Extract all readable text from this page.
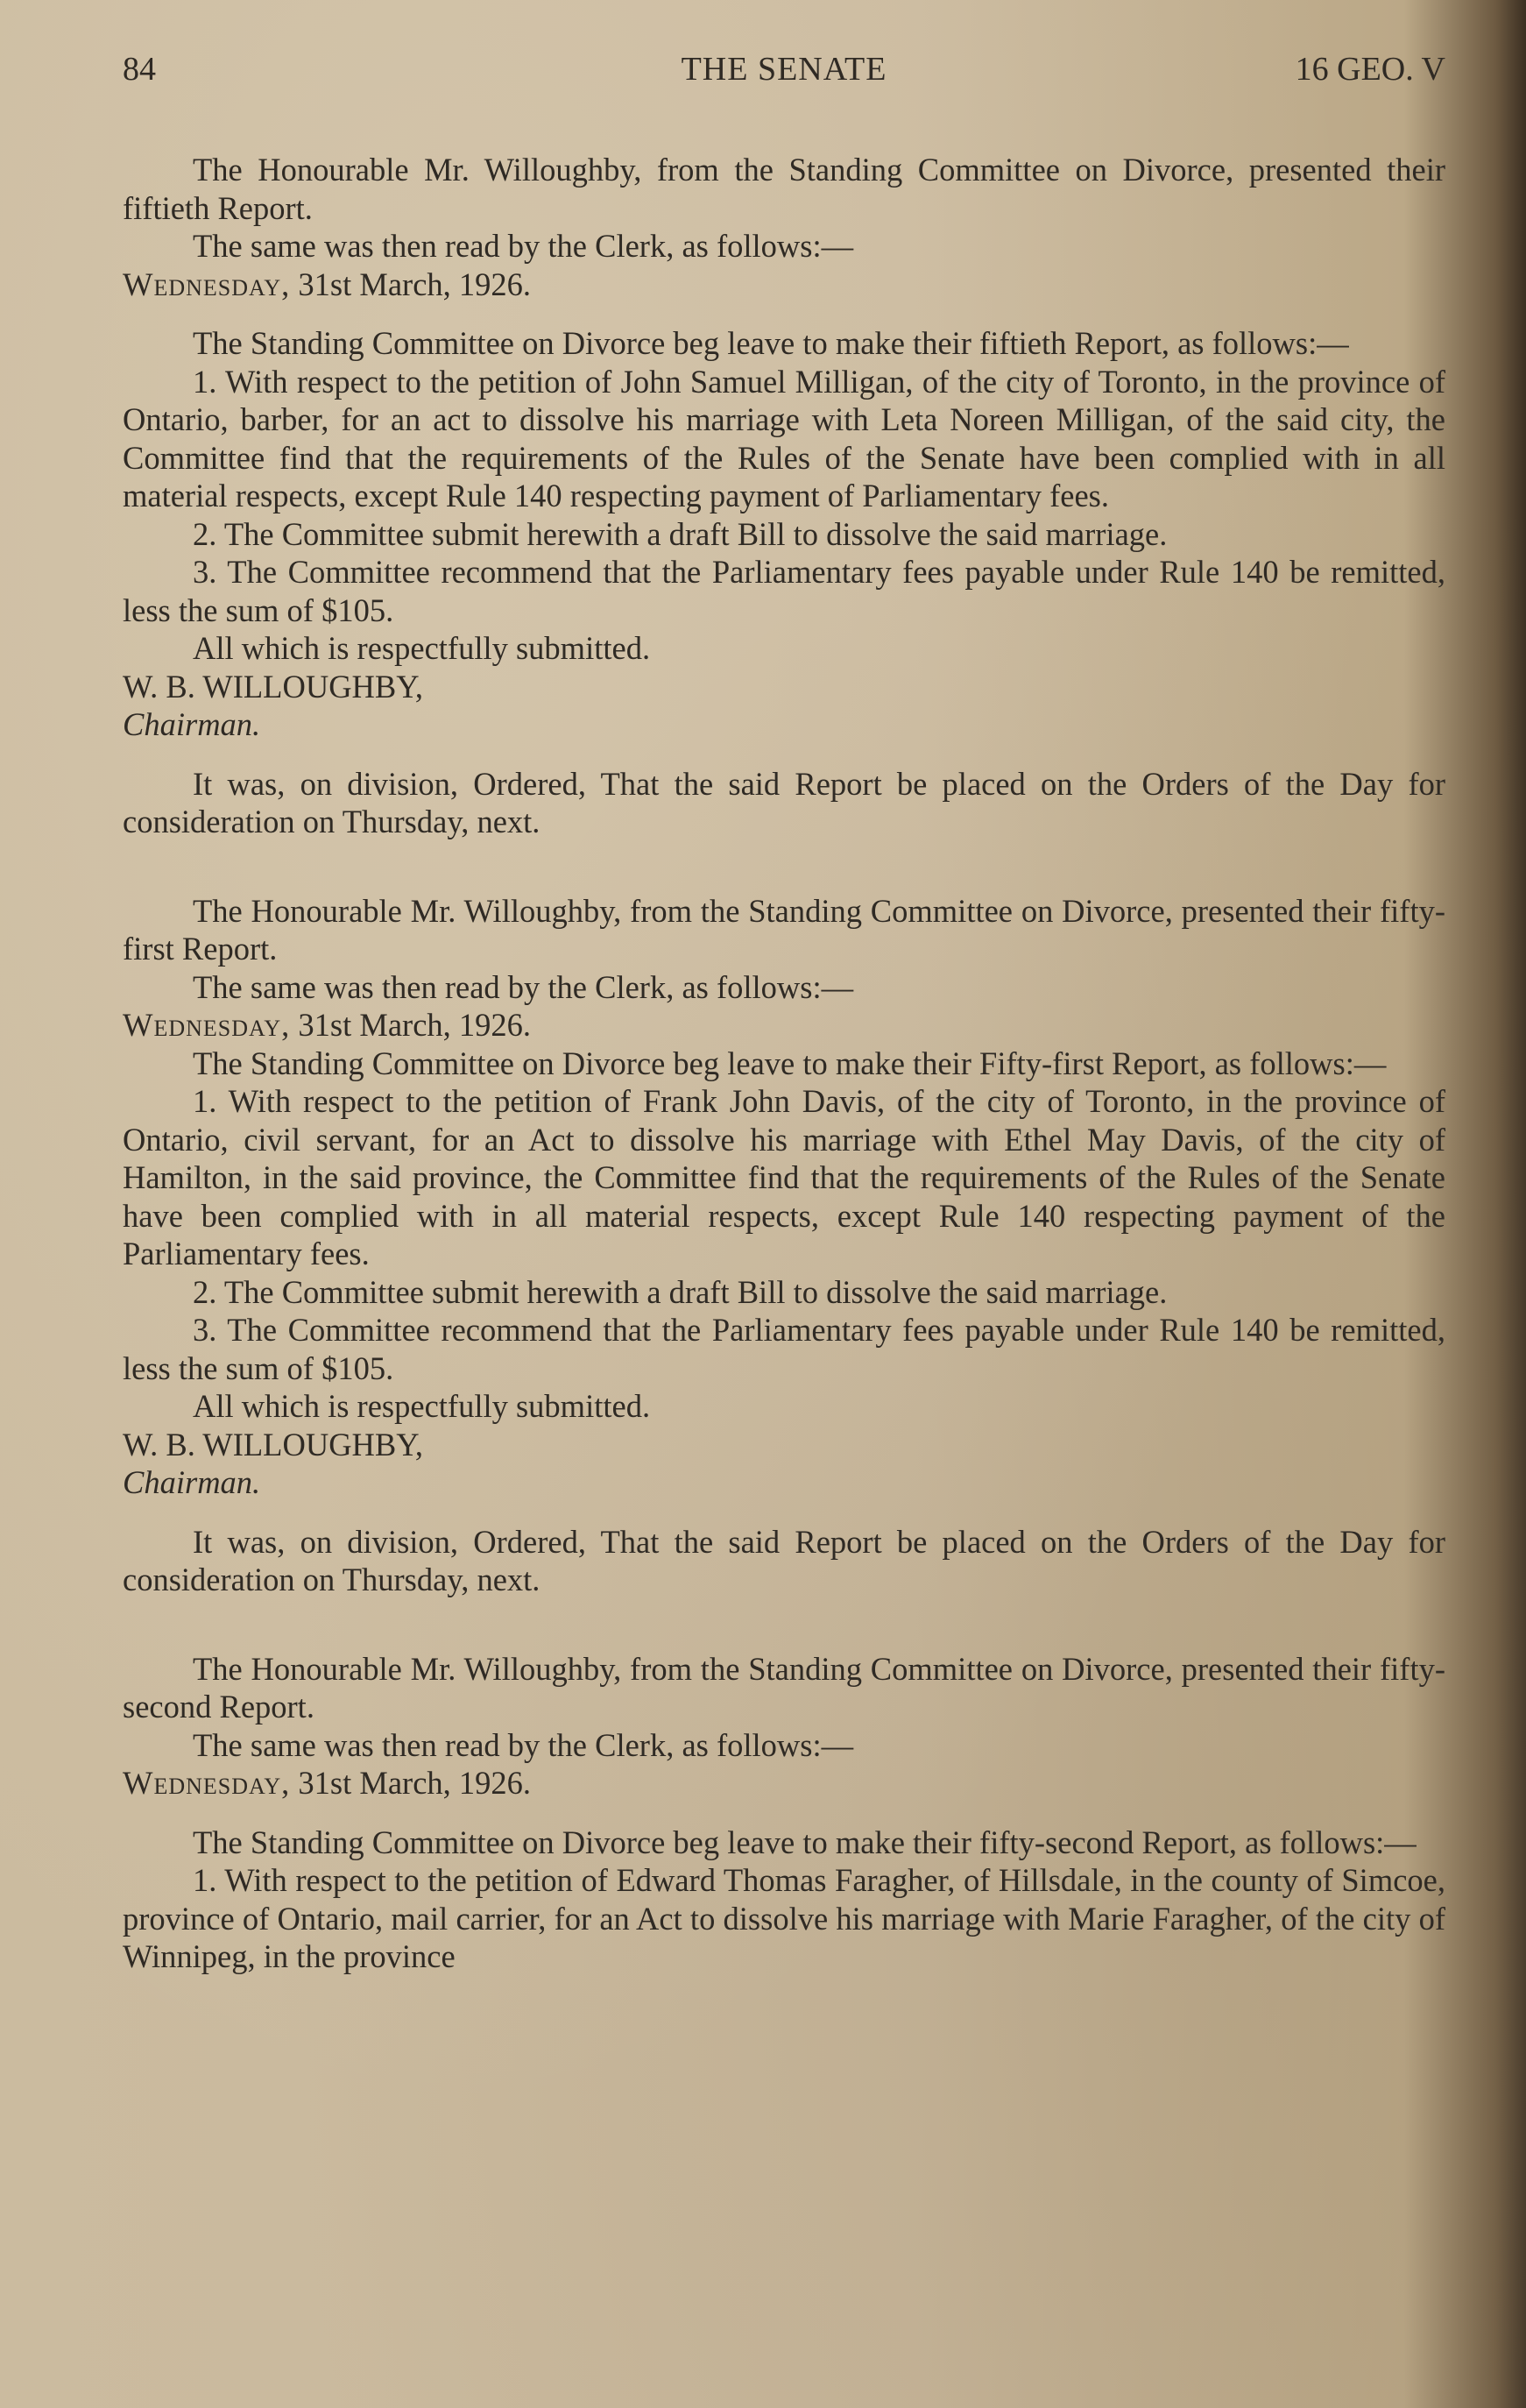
84	THE SENATE	16 GEO. V

The Honourable Mr. Willoughby, from the Standing Committee on Divorce, presented their fiftieth Report.

The same was then read by the Clerk, as follows:—

Wednesday, 31st March, 1926.

The Standing Committee on Divorce beg leave to make their fiftieth Report, as follows:—

1. With respect to the petition of John Samuel Milligan, of the city of Toronto, in the province of Ontario, barber, for an act to dissolve his marriage with Leta Noreen Milligan, of the said city, the Committee find that the requirements of the Rules of the Senate have been complied with in all material respects, except Rule 140 respecting payment of Parliamentary fees.

2. The Committee submit herewith a draft Bill to dissolve the said marriage.

3. The Committee recommend that the Parliamentary fees payable under Rule 140 be remitted, less the sum of $105.

All which is respectfully submitted.

W. B. WILLOUGHBY,

Chairman.

It was, on division, Ordered, That the said Report be placed on the Orders of the Day for consideration on Thursday, next.

The Honourable Mr. Willoughby, from the Standing Committee on Divorce, presented their fifty-first Report.

The same was then read by the Clerk, as follows:—

Wednesday, 31st March, 1926.

The Standing Committee on Divorce beg leave to make their Fifty-first Report, as follows:—

1. With respect to the petition of Frank John Davis, of the city of Toronto, in the province of Ontario, civil servant, for an Act to dissolve his marriage with Ethel May Davis, of the city of Hamilton, in the said province, the Committee find that the requirements of the Rules of the Senate have been complied with in all material respects, except Rule 140 respecting payment of the Parliamentary fees.

2. The Committee submit herewith a draft Bill to dissolve the said marriage.

3. The Committee recommend that the Parliamentary fees payable under Rule 140 be remitted, less the sum of $105.

All which is respectfully submitted.

W. B. WILLOUGHBY,

Chairman.

It was, on division, Ordered, That the said Report be placed on the Orders of the Day for consideration on Thursday, next.

The Honourable Mr. Willoughby, from the Standing Committee on Divorce, presented their fifty-second Report.

The same was then read by the Clerk, as follows:—

Wednesday, 31st March, 1926.

The Standing Committee on Divorce beg leave to make their fifty-second Report, as follows:—

1. With respect to the petition of Edward Thomas Faragher, of Hillsdale, in the county of Simcoe, province of Ontario, mail carrier, for an Act to dissolve his marriage with Marie Faragher, of the city of Winnipeg, in the province
